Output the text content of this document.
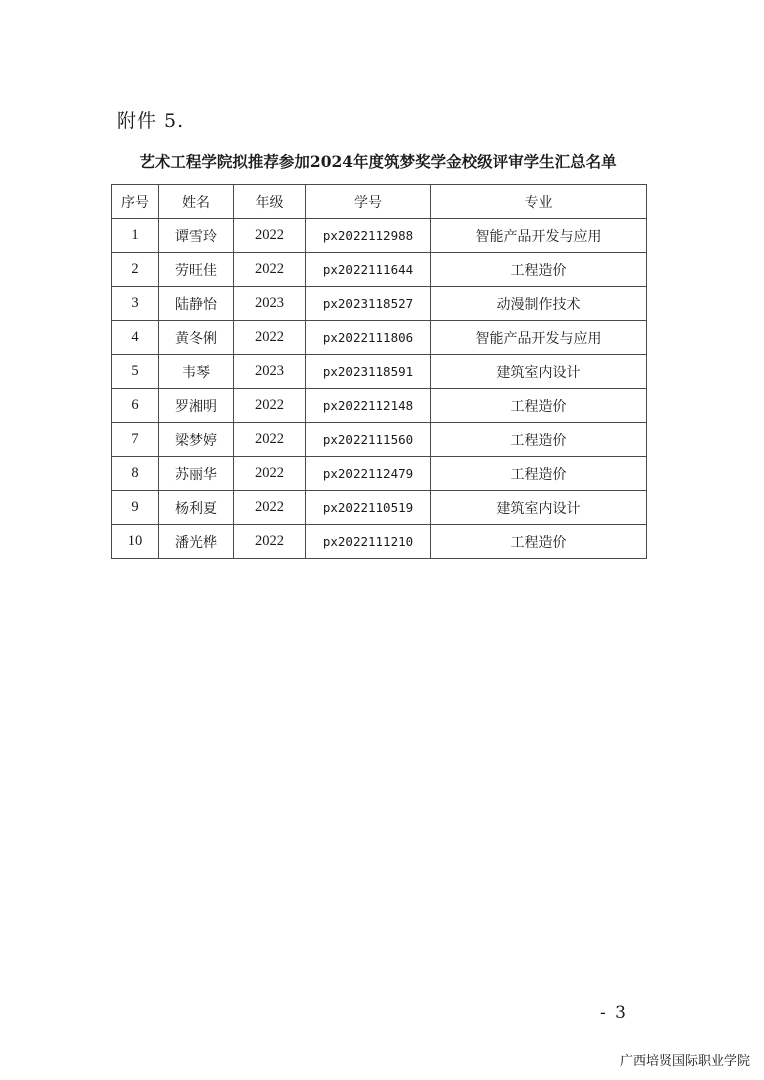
附件 5.
艺术工程学院拟推荐参加2024年度筑梦奖学金校级评审学生汇总名单
序号	姓名	年级	学号	专业
1	谭雪玲	2022	px2022112988	智能产品开发与应用
2	劳旺佳	2022	px2022111644	工程造价
3	陆静怡	2023	px2023118527	动漫制作技术
4	黄冬俐	2022	px2022111806	智能产品开发与应用
5	韦琴	2023	px2023118591	建筑室内设计
6	罗湘明	2022	px2022112148	工程造价
7	梁梦婷	2022	px2022111560	工程造价
8	苏丽华	2022	px2022112479	工程造价
9	杨利夏	2022	px2022110519	建筑室内设计
10	潘光桦	2022	px2022111210	工程造价
- 3
广西培贤国际职业学院
